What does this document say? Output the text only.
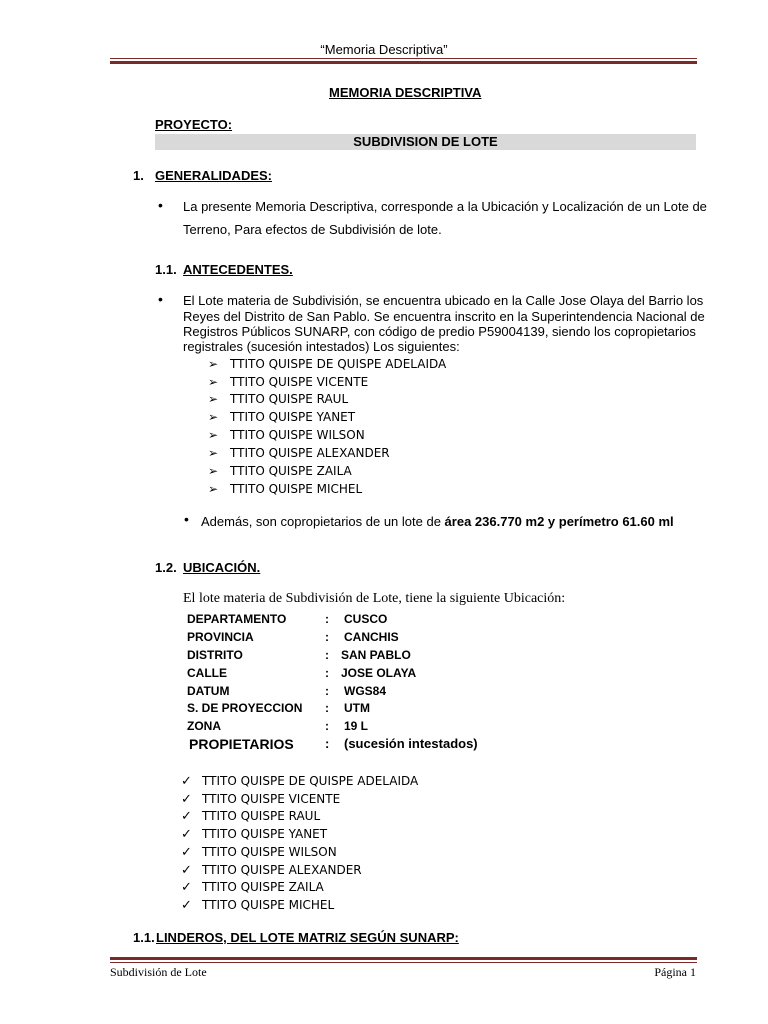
“Memoria Descriptiva”
MEMORIA DESCRIPTIVA
PROYECTO:
SUBDIVISION DE LOTE
1. GENERALIDADES:
• La presente Memoria Descriptiva, corresponde a la Ubicación y Localización de un Lote de
Terreno, Para efectos de Subdivisión de lote.
1.1. ANTECEDENTES.
• El Lote materia de Subdivisión, se encuentra ubicado en la Calle Jose Olaya del Barrio los
Reyes del Distrito de San Pablo. Se encuentra inscrito en la Superintendencia Nacional de
Registros Públicos SUNARP, con código de predio P59004139, siendo los copropietarios
registrales (sucesión intestados) Los siguientes:
➢ TTITO QUISPE DE QUISPE ADELAIDA
➢ TTITO QUISPE VICENTE
➢ TTITO QUISPE RAUL
➢ TTITO QUISPE YANET
➢ TTITO QUISPE WILSON
➢ TTITO QUISPE ALEXANDER
➢ TTITO QUISPE ZAILA
➢ TTITO QUISPE MICHEL
• Además, son copropietarios de un lote de área 236.770 m2 y perímetro 61.60 ml
1.2. UBICACIÓN.
El lote materia de Subdivisión de Lote, tiene la siguiente Ubicación:
DEPARTAMENTO	: CUSCO
PROVINCIA	: CANCHIS
DISTRITO	: SAN PABLO
CALLE	: JOSE OLAYA
DATUM	: WGS84
S. DE PROYECCION : UTM
ZONA	: 19 L
PROPIETARIOS : (sucesión intestados)
✓ TTITO QUISPE DE QUISPE ADELAIDA
✓ TTITO QUISPE VICENTE
✓ TTITO QUISPE RAUL
✓ TTITO QUISPE YANET
✓ TTITO QUISPE WILSON
✓ TTITO QUISPE ALEXANDER
✓ TTITO QUISPE ZAILA
✓ TTITO QUISPE MICHEL
1.1. LINDEROS, DEL LOTE MATRIZ SEGÚN SUNARP:
Subdivisión de Lote	Página 1
